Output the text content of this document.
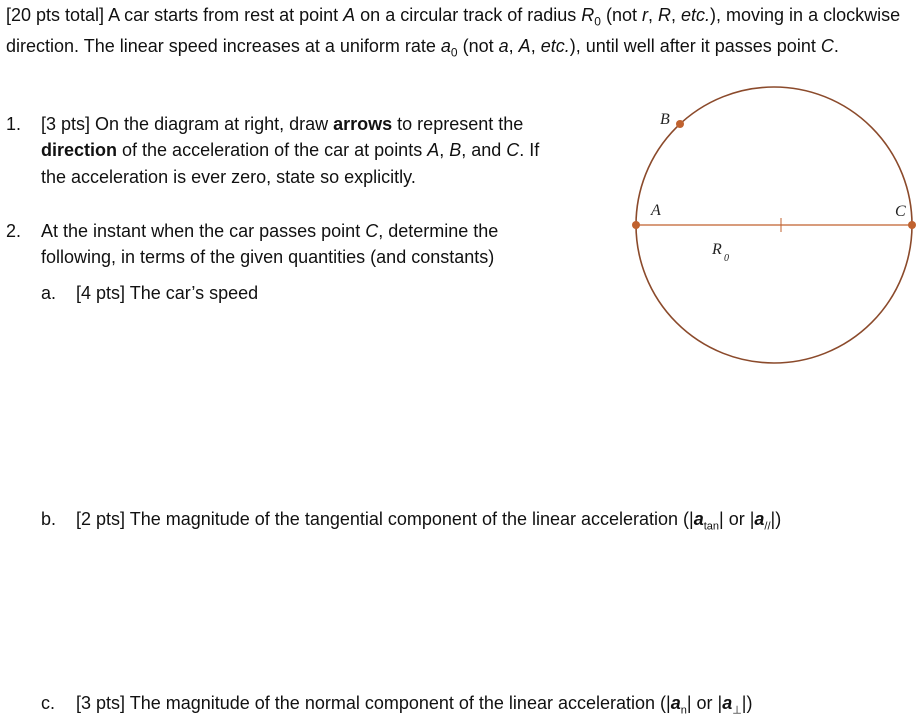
[20 pts total] A car starts from rest at point A on a circular track of radius $R_0$ (not r, R, etc.), moving in a clockwise direction. The linear speed increases at a uniform rate $a_0$ (not a, A, etc.), until well after it passes point C.
1. [3 pts] On the diagram at right, draw arrows to represent the
direction of the acceleration of the car at points A, B, and C. If
the acceleration is ever zero, state so explicitly.
2. At the instant when the car passes point C, determine the
following, in terms of the given quantities (and constants)
a. [4 pts] The car’s speed
b. [2 pts] The magnitude of the tangential component of the linear acceleration ($|a_{tan}|$ or $|a_{//}|$)
c. [3 pts] The magnitude of the normal component of the linear acceleration ($|a_n|$ or $|a_\perp|$)
B
A	C
R
0
